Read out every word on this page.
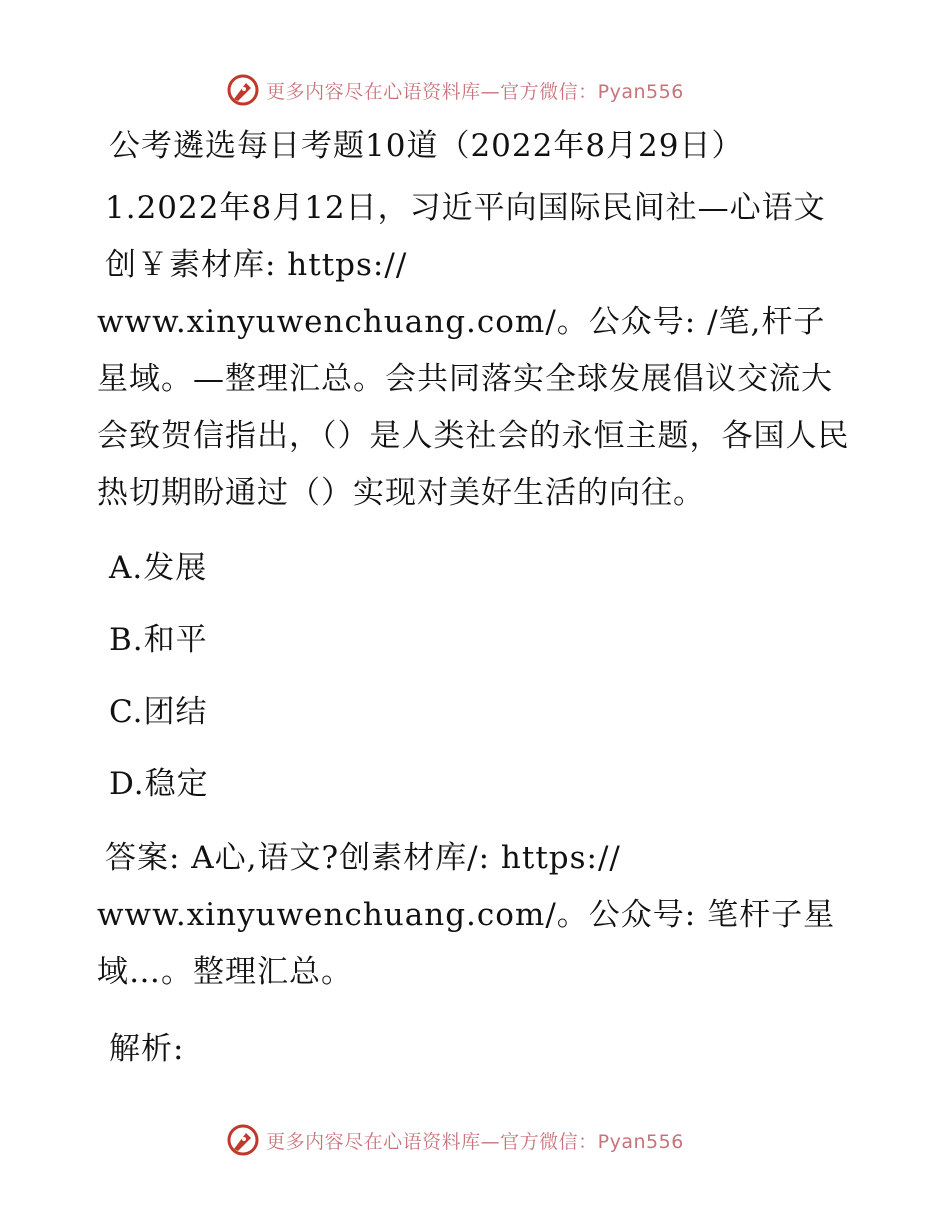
更多内容尽在心语资料库—官方微信：Pyan556

公考遴选每日考题10道（2022年8月29日）

1.2022年8月12日，习近平向国际民间社—心语文创￥素材库: https://

www.xinyuwenchuang.com/。公众号: /笔,杆子星域。—整理汇总。会共同落实全球发展倡议交流大会致贺信指出，（）是人类社会的永恒主题，各国人民热切期盼通过（）实现对美好生活的向往。

A.发展

B.和平

C.团结

D.稳定

答案: A心,语文?创素材库/: https://

www.xinyuwenchuang.com/。公众号: 笔杆子星域…。整理汇总。

解析:

更多内容尽在心语资料库—官方微信：Pyan556
